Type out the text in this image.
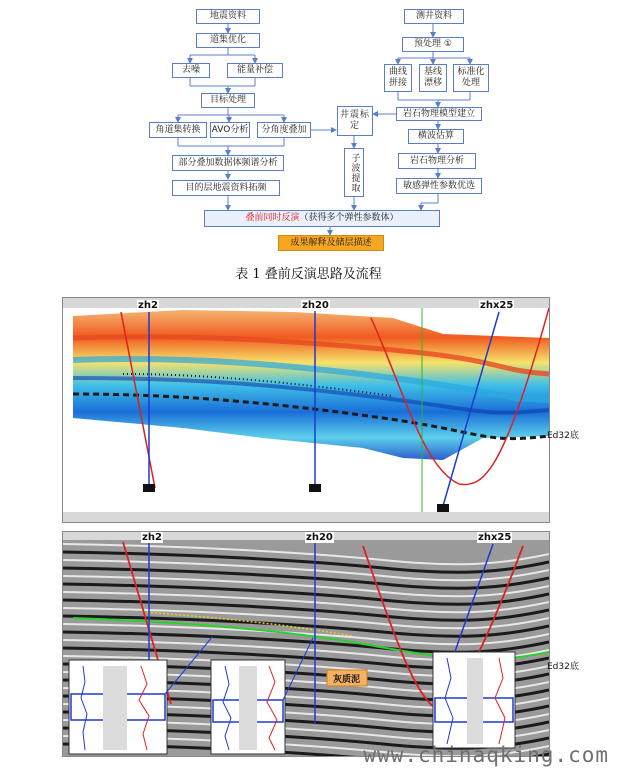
地震资料
道集优化
去噪	能量补偿
目标处理
角道集转换	AVO分析	分角度叠加
部分叠加数据体频谱分析
目的层地震资料拓频
测井资料
预处理 ①
曲线
拼接
基线
漂移
标准化
处理
岩石物理模型建立
横波估算
岩石物理分析
敏感弹性参数优选
井震标定
子波提取
叠前同时反演 （获得多个弹性参数体）
成果解释及储层描述
表 1 叠前反演思路及流程
zh2	zh20	zhx25
Ed32底
zh2	zh20	zhx25
灰质泥
Ed32底
www.chinaqking.com
